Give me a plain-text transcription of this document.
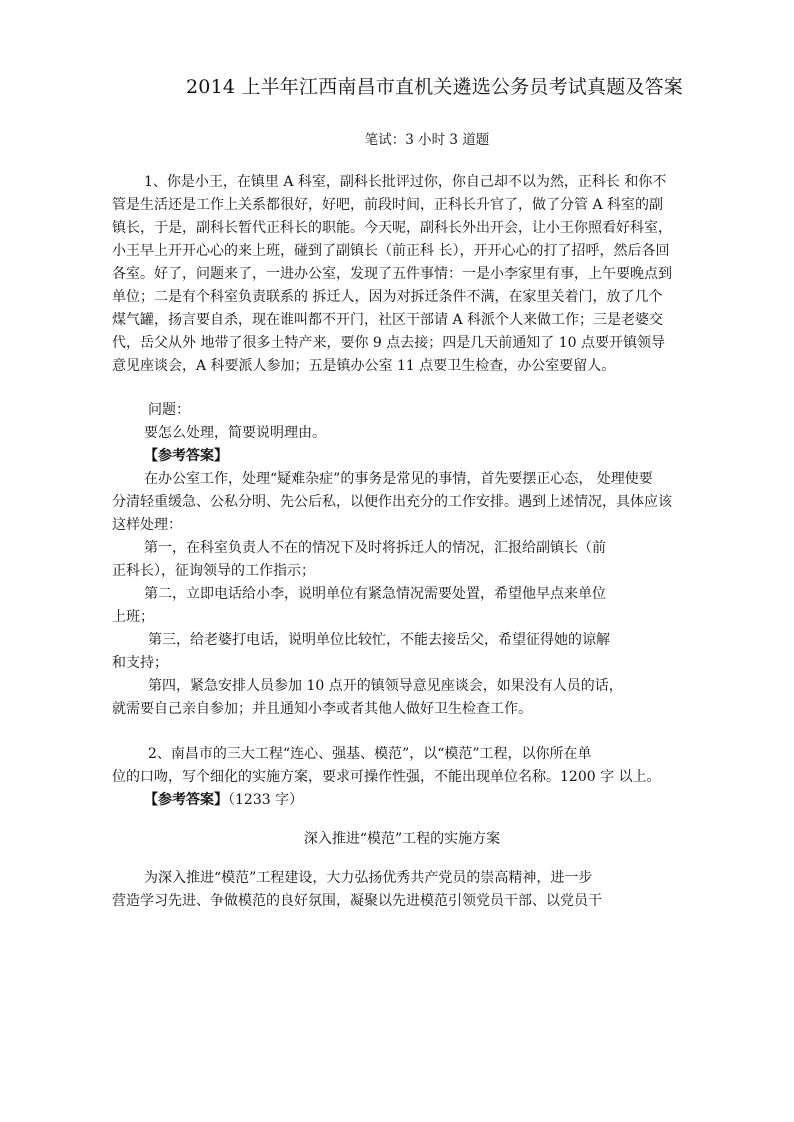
2014 上半年江西南昌市直机关遴选公务员考试真题及答案
笔试：3 小时 3 道题
1、你是小王，在镇里 A 科室，副科长批评过你，你自己却不以为然，正科长 和你不
管是生活还是工作上关系都很好，好吧，前段时间，正科长升官了，做了分管 A 科室的副
镇长，于是，副科长暂代正科长的职能。今天呢，副科长外出开会，让小王你照看好科室，
小王早上开开心心的来上班，碰到了副镇长（前正科 长），开开心心的打了招呼，然后各回
各室。好了，问题来了，一进办公室，发现了五件事情：一是小李家里有事，上午要晚点到
单位；二是有个科室负责联系的 拆迁人，因为对拆迁条件不满，在家里关着门，放了几个
煤气罐，扬言要自杀，现在谁叫都不开门，社区干部请 A 科派个人来做工作；三是老婆交
代，岳父从外 地带了很多土特产来，要你 9 点去接；四是几天前通知了 10 点要开镇领导
意见座谈会，A 科要派人参加；五是镇办公室 11 点要卫生检查，办公室要留人。
问题：
要怎么处理，简要说明理由。
【参考答案】
在办公室工作，处理“疑难杂症”的事务是常见的事情，首先要摆正心态， 处理使要
分清轻重缓急、公私分明、先公后私，以便作出充分的工作安排。遇到上述情况，具体应该
这样处理：
第一，在科室负责人不在的情况下及时将拆迁人的情况，汇报给副镇长（前
正科长），征询领导的工作指示；
第二，立即电话给小李，说明单位有紧急情况需要处置，希望他早点来单位
上班；
第三，给老婆打电话，说明单位比较忙，不能去接岳父，希望征得她的谅解
和支持；
第四，紧急安排人员参加 10 点开的镇领导意见座谈会，如果没有人员的话，
就需要自己亲自参加；并且通知小李或者其他人做好卫生检查工作。
2、南昌市的三大工程“连心、强基、模范”，以“模范”工程，以你所在单
位的口吻，写个细化的实施方案，要求可操作性强，不能出现单位名称。1200 字 以上。
【参考答案】（1233 字）
深入推进“模范”工程的实施方案
为深入推进“模范”工程建设，大力弘扬优秀共产党员的崇高精神，进一步
营造学习先进、争做模范的良好氛围，凝聚以先进模范引领党员干部、以党员干
